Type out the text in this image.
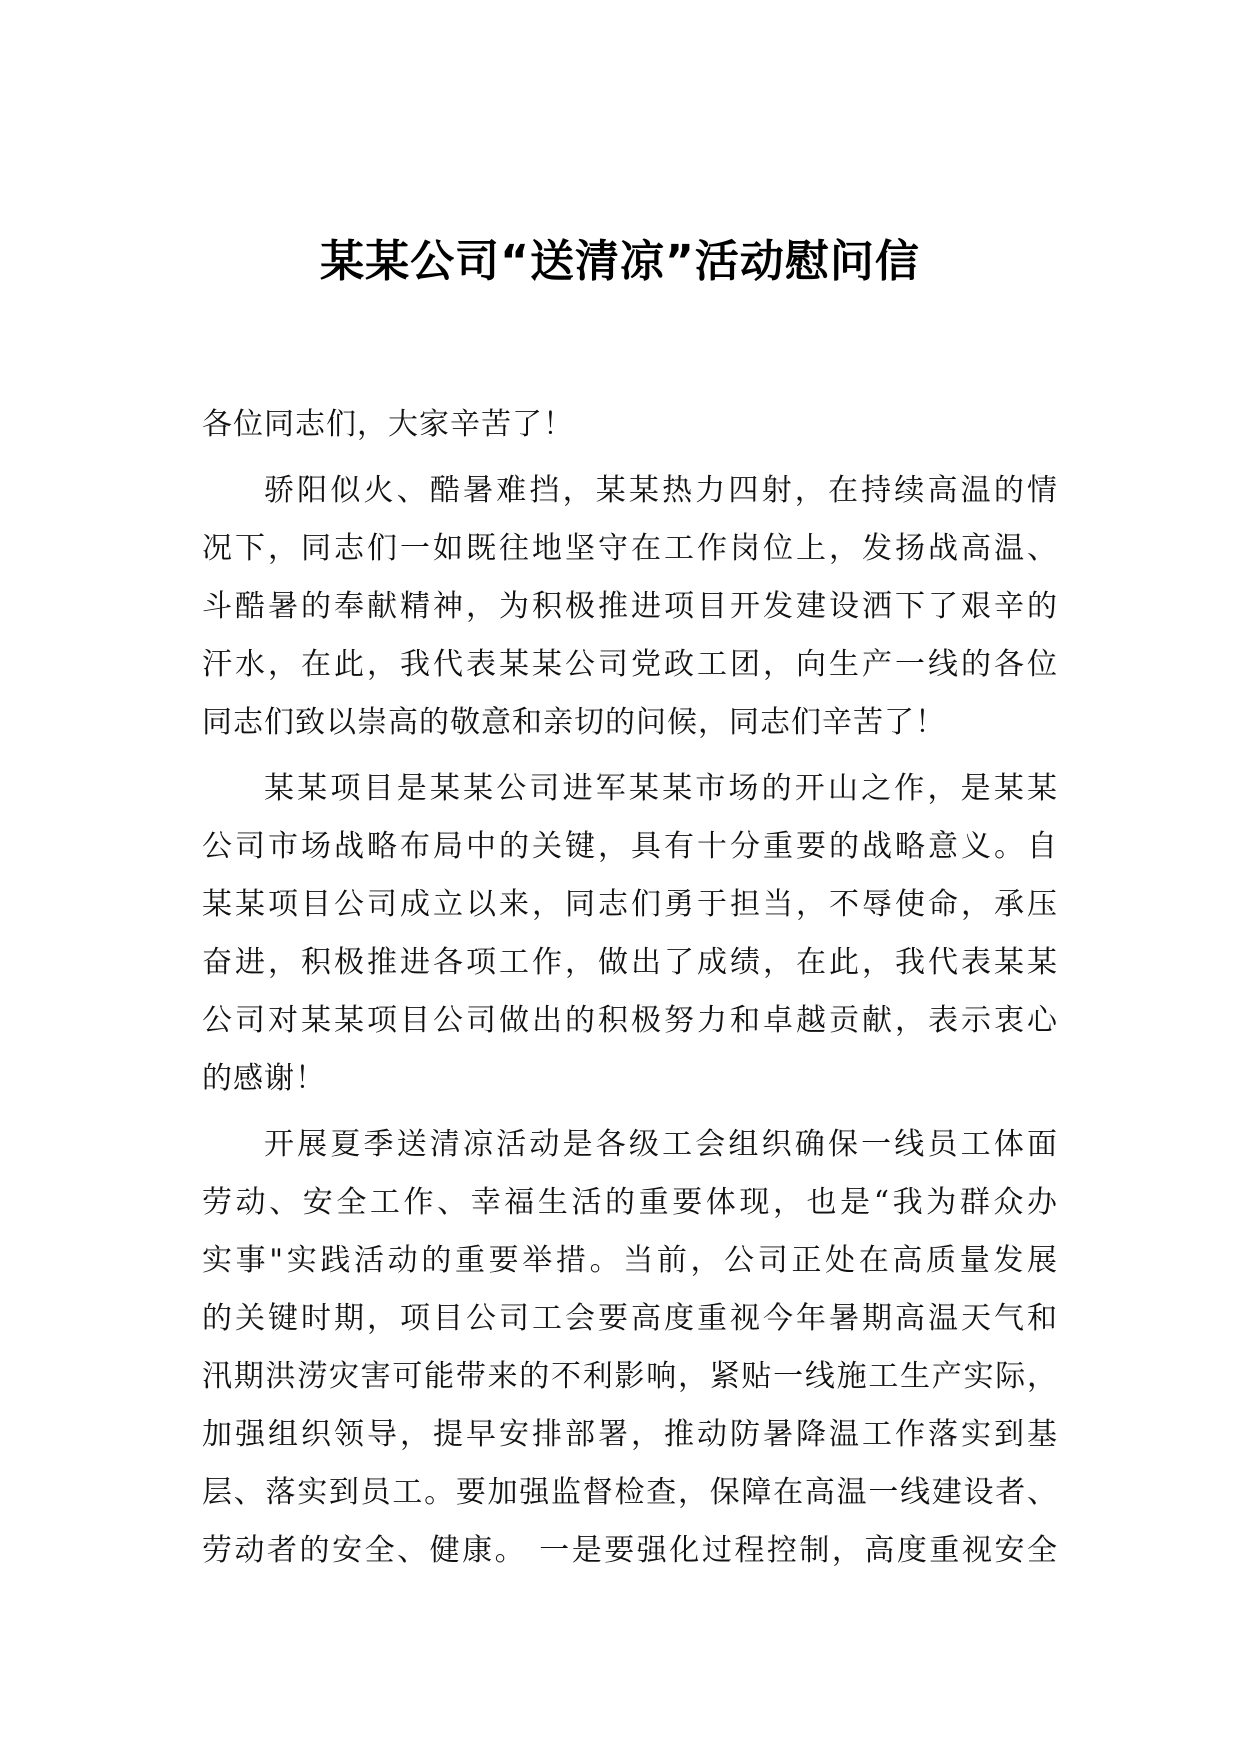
某某公司“送清凉”活动慰问信
各位同志们，大家辛苦了！
骄阳似火、酷暑难挡，某某热力四射，在持续高温的情
况下，同志们一如既往地坚守在工作岗位上，发扬战高温、
斗酷暑的奉献精神，为积极推进项目开发建设洒下了艰辛的
汗水，在此，我代表某某公司党政工团，向生产一线的各位
同志们致以崇高的敬意和亲切的问候，同志们辛苦了！
某某项目是某某公司进军某某市场的开山之作，是某某
公司市场战略布局中的关键，具有十分重要的战略意义。自
某某项目公司成立以来，同志们勇于担当，不辱使命，承压
奋进，积极推进各项工作，做出了成绩，在此，我代表某某
公司对某某项目公司做出的积极努力和卓越贡献，表示衷心
的感谢！
开展夏季送清凉活动是各级工会组织确保一线员工体面
劳动、安全工作、幸福生活的重要体现，也是“我为群众办
实事"实践活动的重要举措。当前，公司正处在高质量发展
的关键时期，项目公司工会要高度重视今年暑期高温天气和
汛期洪涝灾害可能带来的不利影响，紧贴一线施工生产实际，
加强组织领导，提早安排部署，推动防暑降温工作落实到基
层、落实到员工。要加强监督检查，保障在高温一线建设者、
劳动者的安全、健康。 一是要强化过程控制，高度重视安全
